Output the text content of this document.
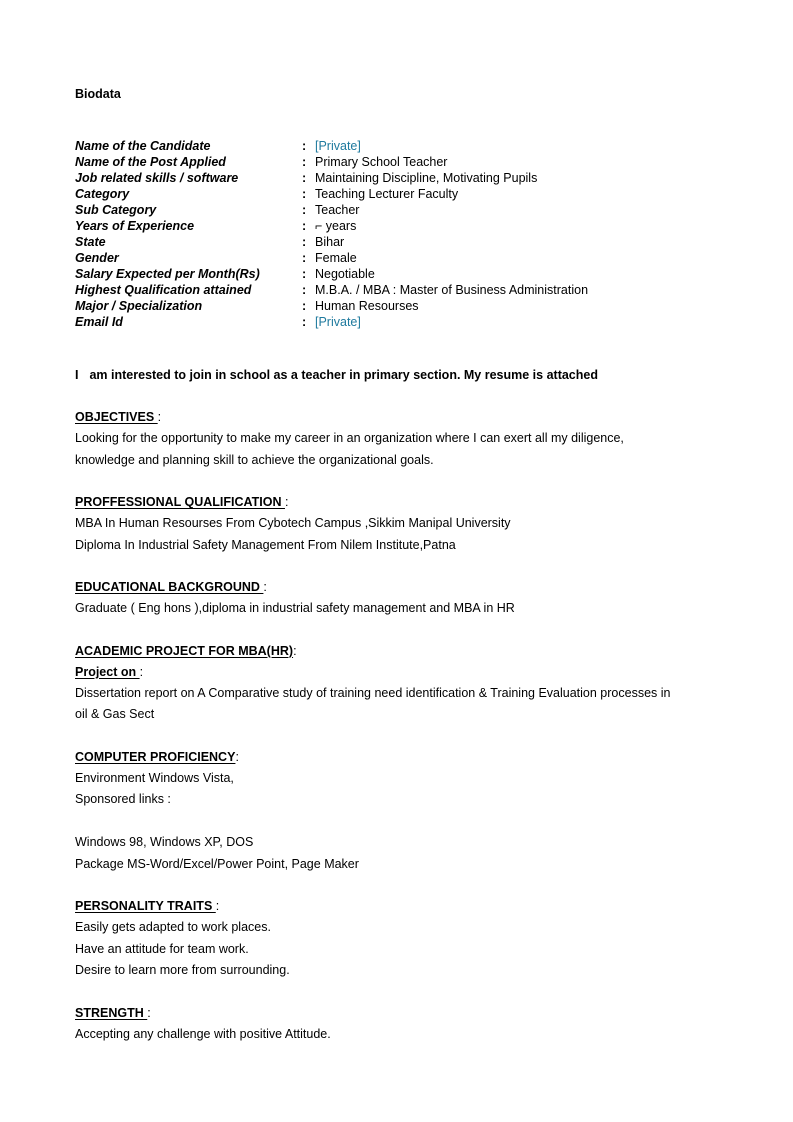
Biodata
Name of the Candidate	:	[Private]
Name of the Post Applied	:	Primary School Teacher
Job related skills / software	:	Maintaining Discipline, Motivating Pupils
Category	:	Teaching Lecturer Faculty
Sub Category	:	Teacher
Years of Experience	:	⌐ years
State	:	Bihar
Gender	:	Female
Salary Expected per Month(Rs)	:	Negotiable
Highest Qualification attained	:	M.B.A. / MBA : Master of Business Administration
Major / Specialization	:	Human Resourses
Email Id	:	[Private]
I am interested to join in school as a teacher in primary section. My resume is attached
OBJECTIVES :

Looking for the opportunity to make my career in an organization where I can exert all my diligence,
knowledge and planning skill to achieve the organizational goals.

PROFFESSIONAL QUALIFICATION :

MBA In Human Resourses From Cybotech Campus ,Sikkim Manipal University
Diploma In Industrial Safety Management From Nilem Institute,Patna

EDUCATIONAL BACKGROUND :

Graduate ( Eng hons ),diploma in industrial safety management and MBA in HR

ACADEMIC PROJECT FOR MBA(HR):
Project on :

Dissertation report on A Comparative study of training need identification & Training Evaluation processes in
oil & Gas Sect

COMPUTER PROFICIENCY:

Environment Windows Vista,
Sponsored links :
Windows 98, Windows XP, DOS
Package MS-Word/Excel/Power Point, Page Maker

PERSONALITY TRAITS :

Easily gets adapted to work places.
Have an attitude for team work.
Desire to learn more from surrounding.

STRENGTH :

Accepting any challenge with positive Attitude.
